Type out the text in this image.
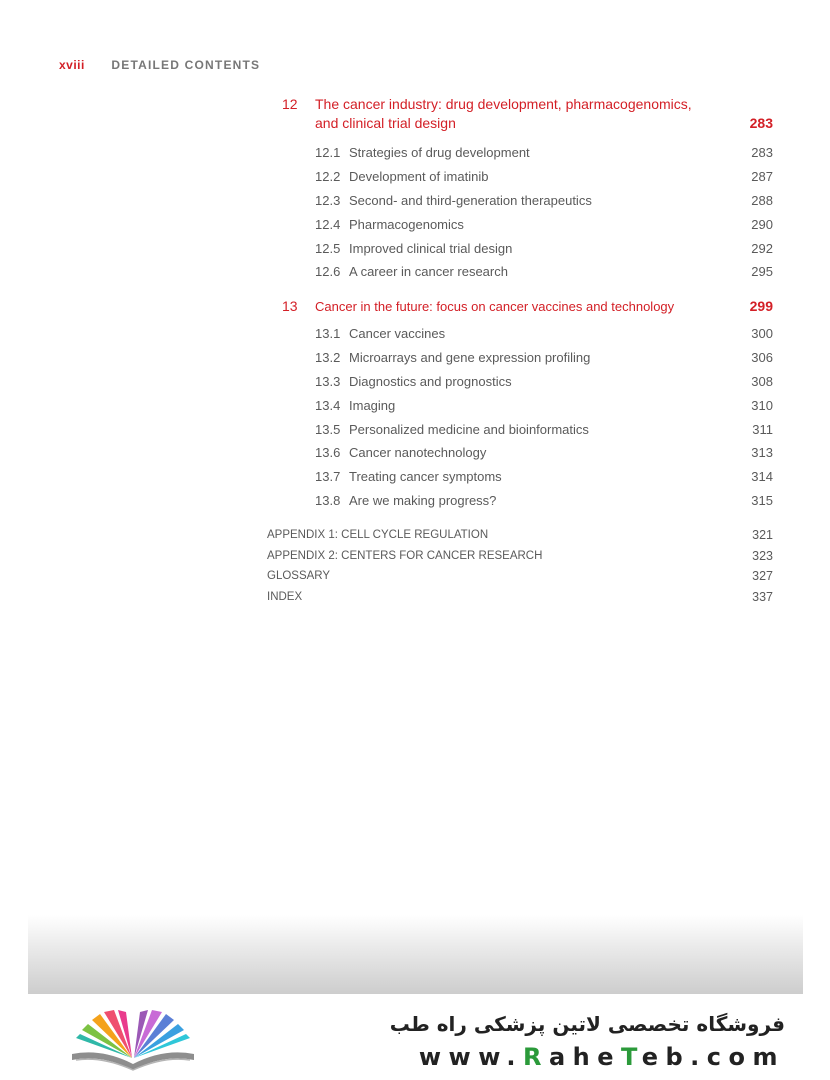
xviii DETAILED CONTENTS
12 The cancer industry: drug development, pharmacogenomics, and clinical trial design	283
12.1 Strategies of drug development	283
12.2 Development of imatinib	287
12.3 Second- and third-generation therapeutics	288
12.4 Pharmacogenomics	290
12.5 Improved clinical trial design	292
12.6 A career in cancer research	295
13 Cancer in the future: focus on cancer vaccines and technology	299
13.1 Cancer vaccines	300
13.2 Microarrays and gene expression profiling	306
13.3 Diagnostics and prognostics	308
13.4 Imaging	310
13.5 Personalized medicine and bioinformatics	311
13.6 Cancer nanotechnology	313
13.7 Treating cancer symptoms	314
13.8 Are we making progress?	315
APPENDIX 1: CELL CYCLE REGULATION	321
APPENDIX 2: CENTERS FOR CANCER RESEARCH	323
GLOSSARY	327
INDEX	337
فروشگاه تخصصی لاتین پزشکی راه طب
www.RaheTeb.com
